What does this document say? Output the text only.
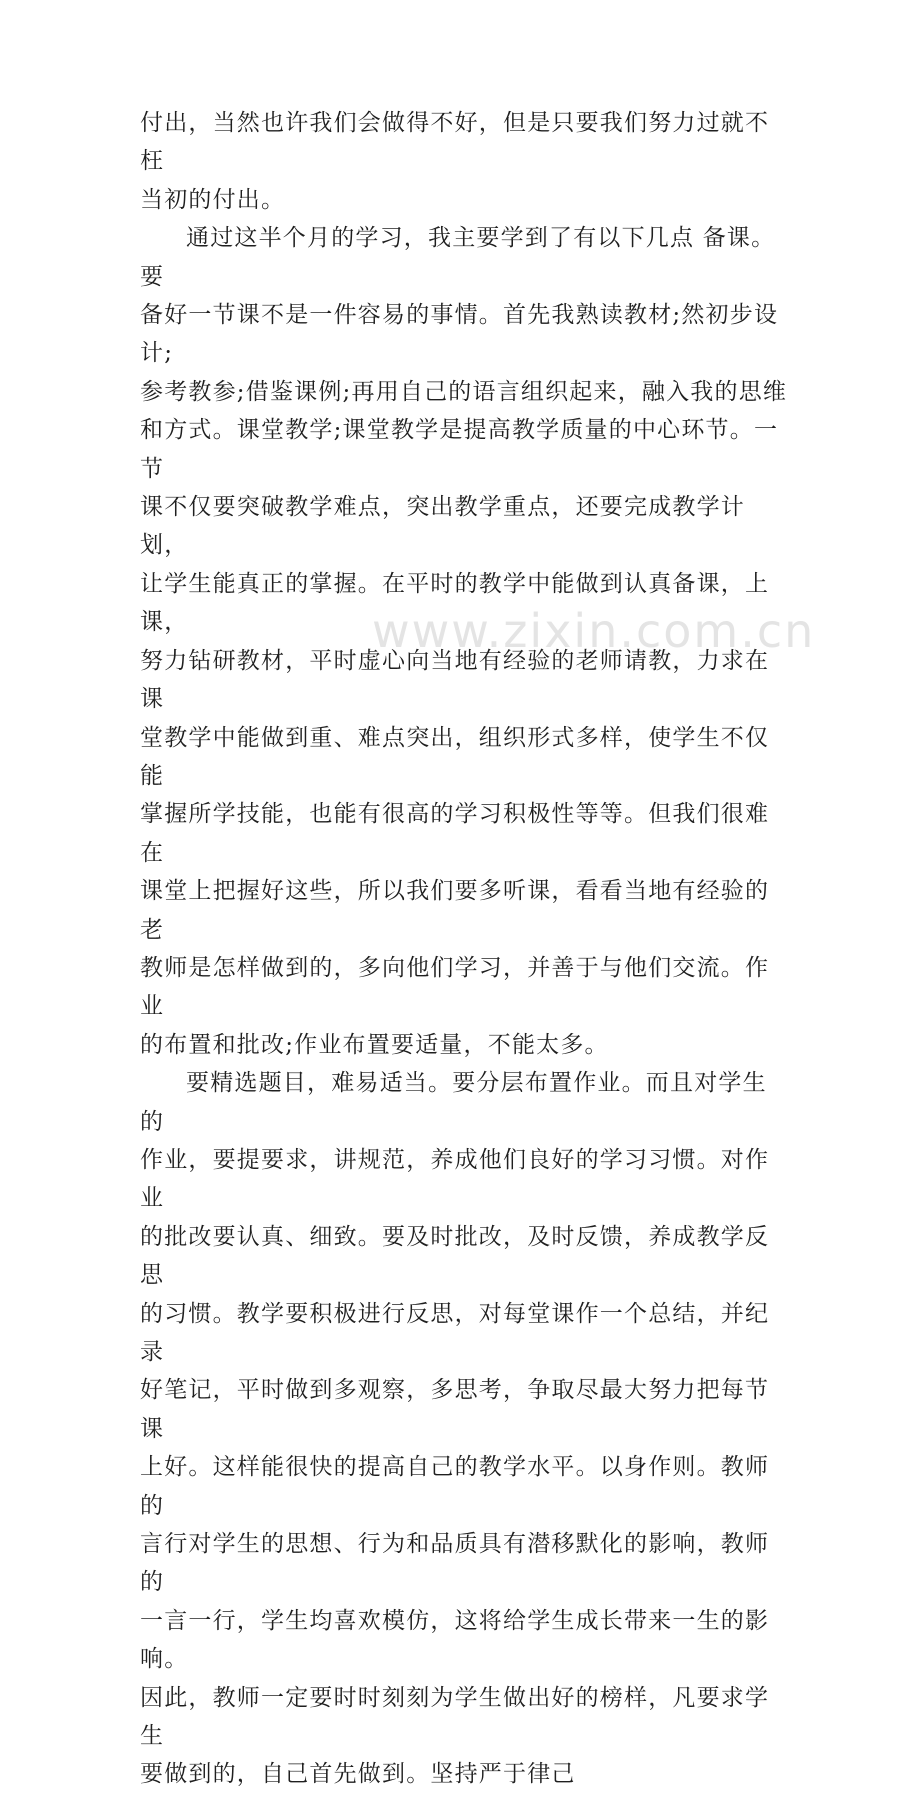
www.zixin.com.cn
付出，当然也许我们会做得不好，但是只要我们努力过就不枉
当初的付出。
通过这半个月的学习，我主要学到了有以下几点 备课。要
备好一节课不是一件容易的事情。首先我熟读教材;然初步设计;
参考教参;借鉴课例;再用自己的语言组织起来，融入我的思维
和方式。课堂教学;课堂教学是提高教学质量的中心环节。一节
课不仅要突破教学难点，突出教学重点，还要完成教学计划，
让学生能真正的掌握。在平时的教学中能做到认真备课，上课，
努力钻研教材，平时虚心向当地有经验的老师请教，力求在课
堂教学中能做到重、难点突出，组织形式多样，使学生不仅能
掌握所学技能，也能有很高的学习积极性等等。但我们很难在
课堂上把握好这些，所以我们要多听课，看看当地有经验的老
教师是怎样做到的，多向他们学习，并善于与他们交流。作业
的布置和批改;作业布置要适量，不能太多。
要精选题目，难易适当。要分层布置作业。而且对学生的
作业，要提要求，讲规范，养成他们良好的学习习惯。对作业
的批改要认真、细致。要及时批改，及时反馈，养成教学反思
的习惯。教学要积极进行反思，对每堂课作一个总结，并纪录
好笔记，平时做到多观察，多思考，争取尽最大努力把每节课
上好。这样能很快的提高自己的教学水平。以身作则。教师的
言行对学生的思想、行为和品质具有潜移默化的影响，教师的
一言一行，学生均喜欢模仿，这将给学生成长带来一生的影响。
因此，教师一定要时时刻刻为学生做出好的榜样，凡要求学生
要做到的，自己首先做到。坚持严于律己
